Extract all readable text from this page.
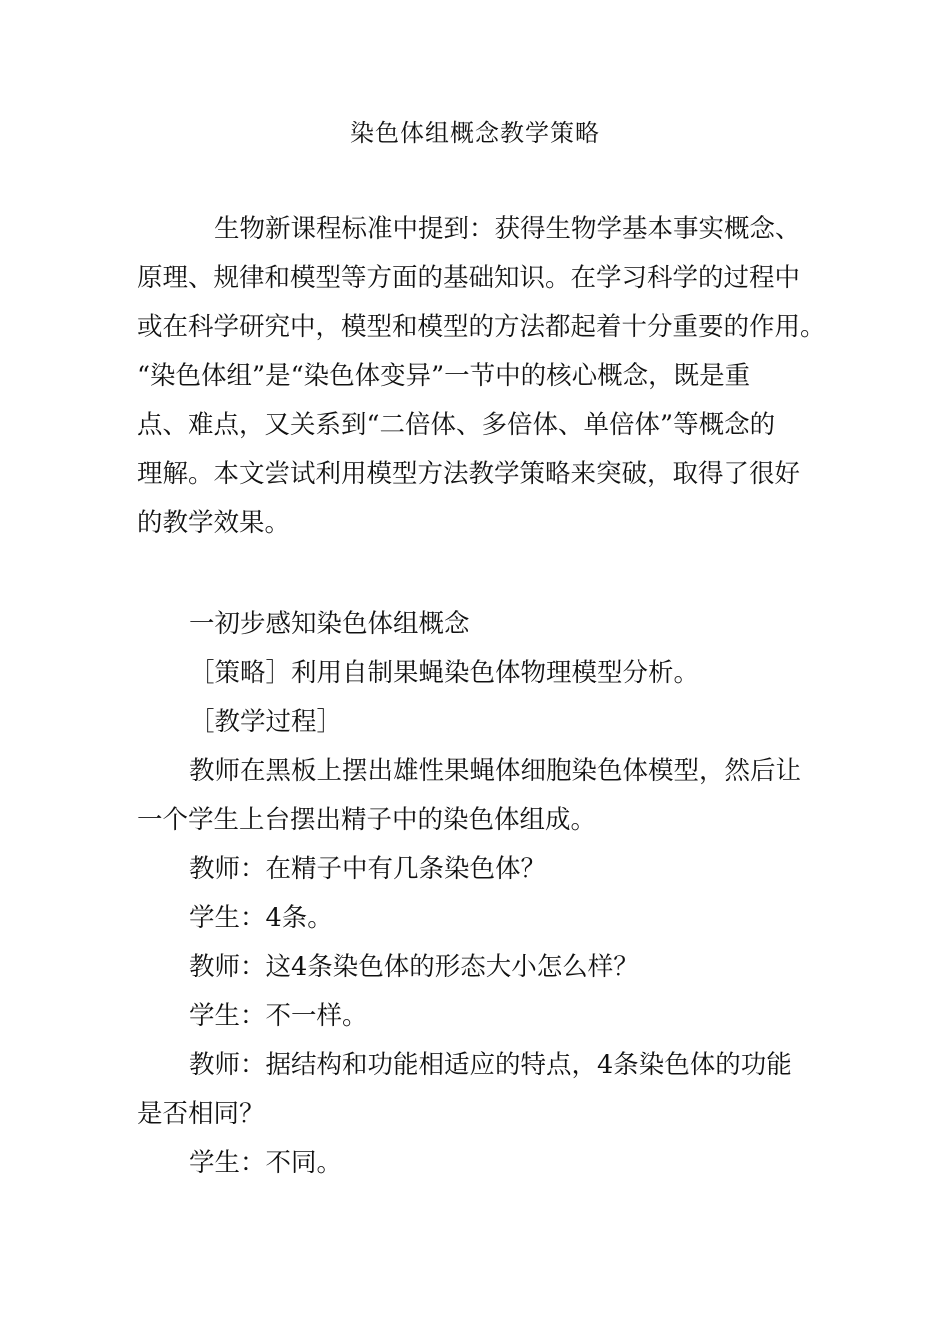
染色体组概念教学策略
生物新课程标准中提到：获得生物学基本事实概念、
原理、规律和模型等方面的基础知识。在学习科学的过程中
或在科学研究中，模型和模型的方法都起着十分重要的作用。
“染色体组”是“染色体变异”一节中的核心概念，既是重
点、难点，又关系到“二倍体、多倍体、单倍体”等概念的
理解。本文尝试利用模型方法教学策略来突破，取得了很好
的教学效果。
一初步感知染色体组概念
［策略］利用自制果蝇染色体物理模型分析。
［教学过程］
教师在黑板上摆出雄性果蝇体细胞染色体模型，然后让
一个学生上台摆出精子中的染色体组成。
教师：在精子中有几条染色体？
学生：4条。
教师：这4条染色体的形态大小怎么样？
学生：不一样。
教师：据结构和功能相适应的特点，4条染色体的功能
是否相同？
学生：不同。
